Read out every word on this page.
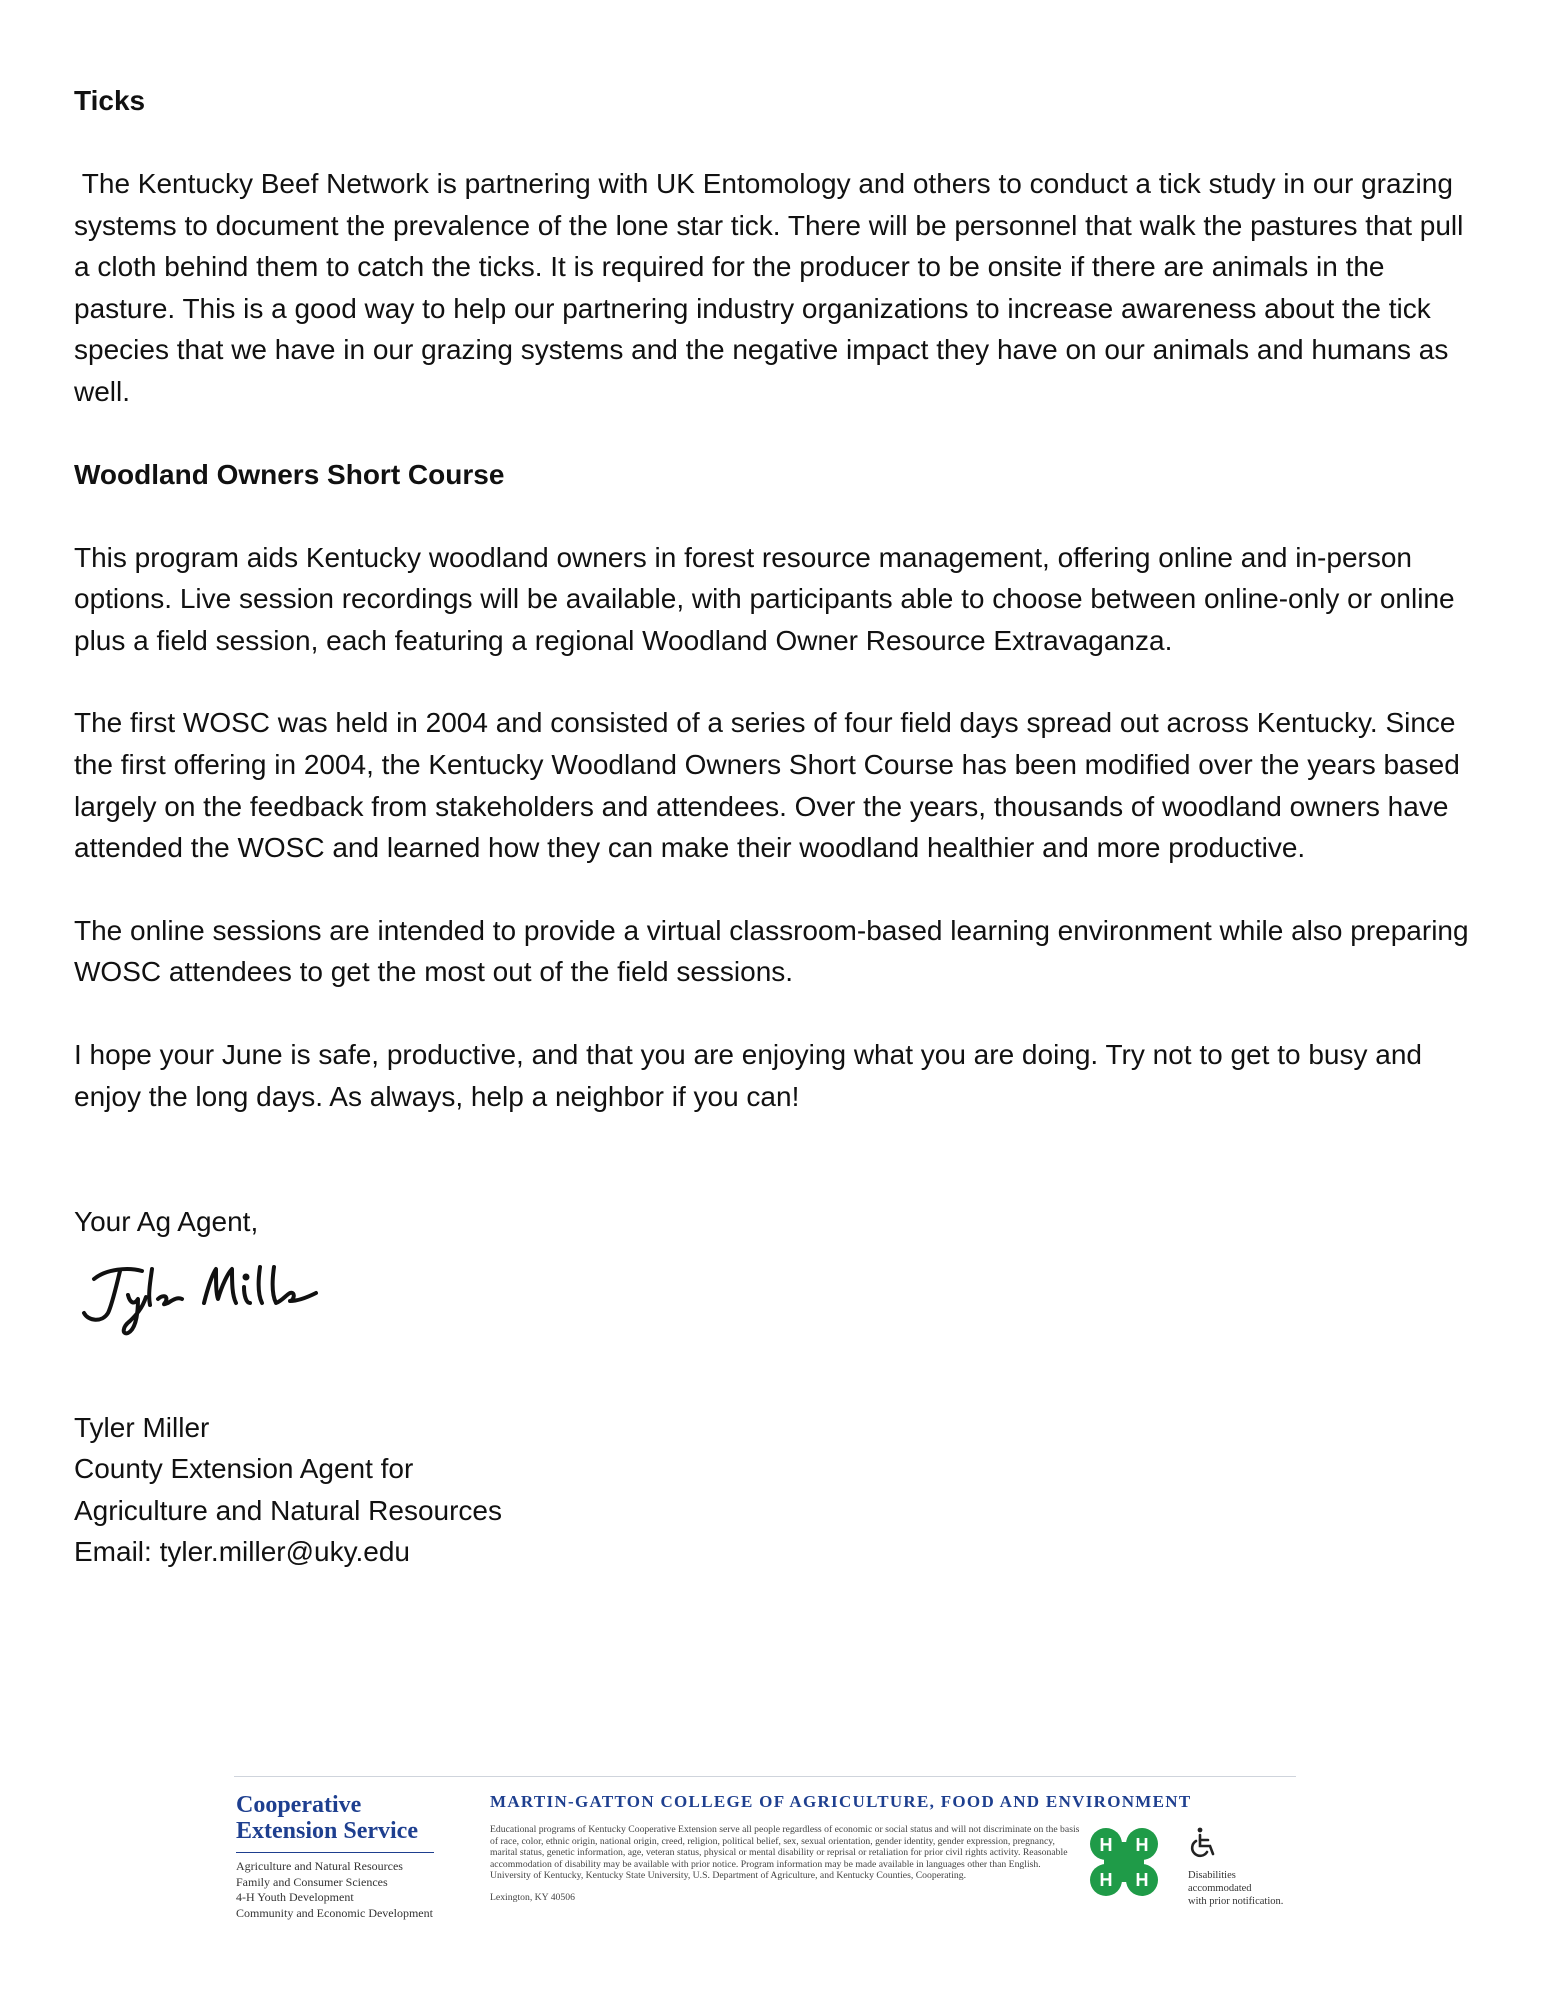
Ticks

The Kentucky Beef Network is partnering with UK Entomology and others to conduct a tick study in our grazing systems to document the prevalence of the lone star tick. There will be personnel that walk the pastures that pull a cloth behind them to catch the ticks. It is required for the producer to be onsite if there are animals in the pasture. This is a good way to help our partnering industry organizations to increase awareness about the tick species that we have in our grazing systems and the negative impact they have on our animals and humans as well.

Woodland Owners Short Course

This program aids Kentucky woodland owners in forest resource management, offering online and in-person options. Live session recordings will be available, with participants able to choose between online-only or online plus a field session, each featuring a regional Woodland Owner Resource Extravaganza.

The first WOSC was held in 2004 and consisted of a series of four field days spread out across Kentucky. Since the first offering in 2004, the Kentucky Woodland Owners Short Course has been modified over the years based largely on the feedback from stakeholders and attendees. Over the years, thousands of woodland owners have attended the WOSC and learned how they can make their woodland healthier and more productive.

The online sessions are intended to provide a virtual classroom-based learning environment while also preparing WOSC attendees to get the most out of the field sessions.

I hope your June is safe, productive, and that you are enjoying what you are doing. Try not to get to busy and enjoy the long days. As always, help a neighbor if you can!

Your Ag Agent,

Tyler Miller

County Extension Agent for

Agriculture and Natural Resources

Email: tyler.miller@uky.edu

Cooperative
Extension Service
Agriculture and Natural Resources
Family and Consumer Sciences
4-H Youth Development
Community and Economic Development
MARTIN-GATTON COLLEGE OF AGRICULTURE, FOOD AND ENVIRONMENT
Educational programs of Kentucky Cooperative Extension serve all people regardless of economic or social status and will not discriminate on the basis of race, color, ethnic origin, national origin, creed, religion, political belief, sex, sexual orientation, gender identity, gender expression, pregnancy, marital status, genetic information, age, veteran status, physical or mental disability or reprisal or retaliation for prior civil rights activity. Reasonable accommodation of disability may be available with prior notice. Program information may be made available in languages other than English. University of Kentucky, Kentucky State University, U.S. Department of Agriculture, and Kentucky Counties, Cooperating.
Lexington, KY 40506
H H
H H	Disabilities
accommodated
with prior notification.
